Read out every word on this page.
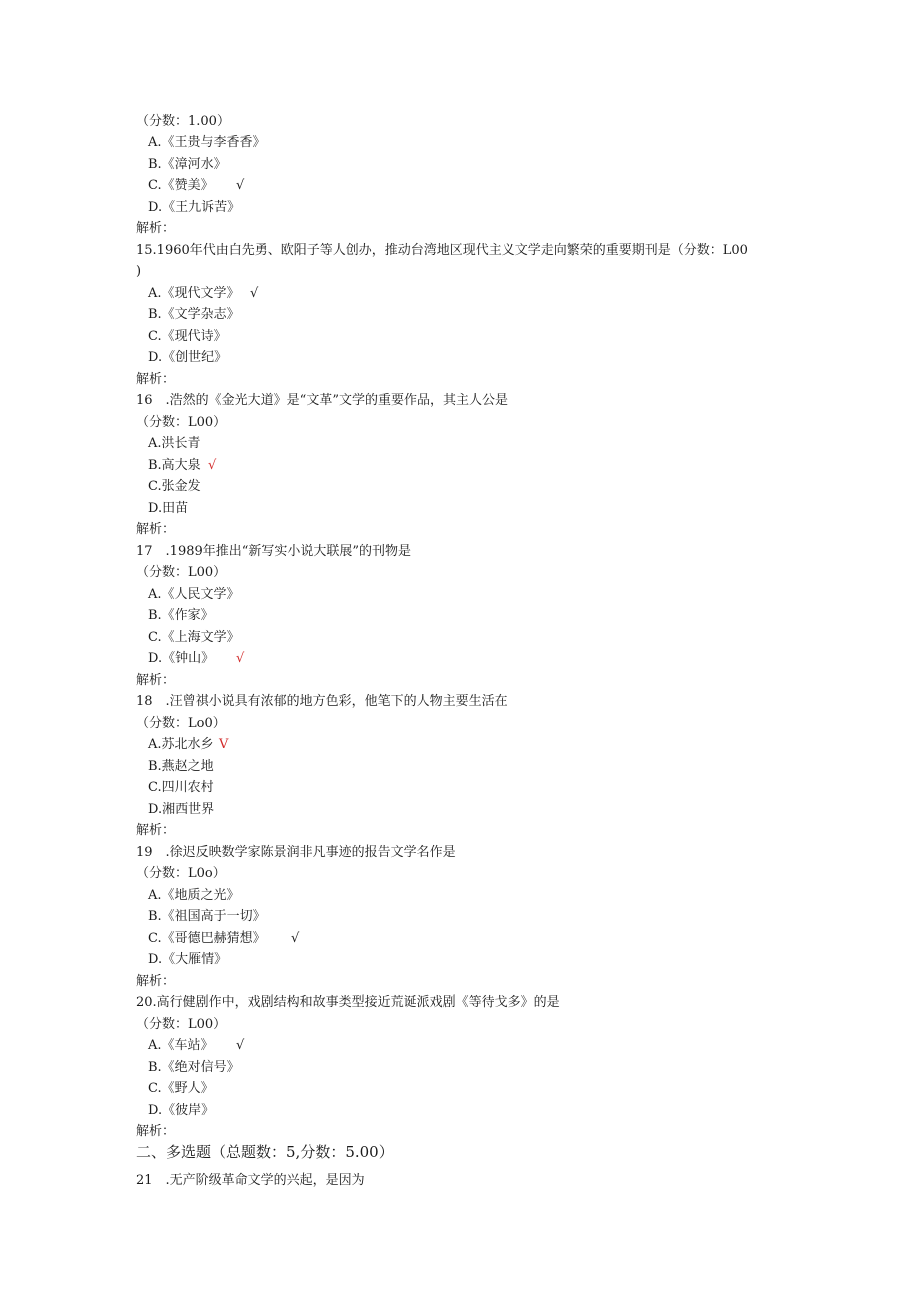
（分数：1.00）
A.《王贵与李香香》
B.《漳河水》
C.《赞美》 √
D.《王九诉苦》
解析：
15.1960年代由白先勇、欧阳子等人创办，推动台湾地区现代主义文学走向繁荣的重要期刊是（分数：L00
)
A.《现代文学》 √
B.《文学杂志》
C.《现代诗》
D.《创世纪》
解析：
16　.浩然的《金光大道》是“文革”文学的重要作品，其主人公是
（分数：L00）
A.洪长青
B.高大泉 √
C.张金发
D.田苗
解析：
17　.1989年推出“新写实小说大联展”的刊物是
（分数：L00）
A.《人民文学》
B.《作家》
C.《上海文学》
D.《钟山》 √
解析：
18　.汪曾祺小说具有浓郁的地方色彩，他笔下的人物主要生活在
（分数：Lo0）
A.苏北水乡 V
B.燕赵之地
C.四川农村
D.湘西世界
解析：
19　.徐迟反映数学家陈景润非凡事迹的报告文学名作是
（分数：L0o）
A.《地质之光》
B.《祖国高于一切》
C.《哥德巴赫猜想》 √
D.《大雁情》
解析：
20.高行健剧作中，戏剧结构和故事类型接近荒诞派戏剧《等待戈多》的是
（分数：L00）
A.《车站》 √
B.《绝对信号》
C.《野人》
D.《彼岸》
解析：
二、多选题（总题数：5,分数：5.00）
21　.无产阶级革命文学的兴起，是因为
